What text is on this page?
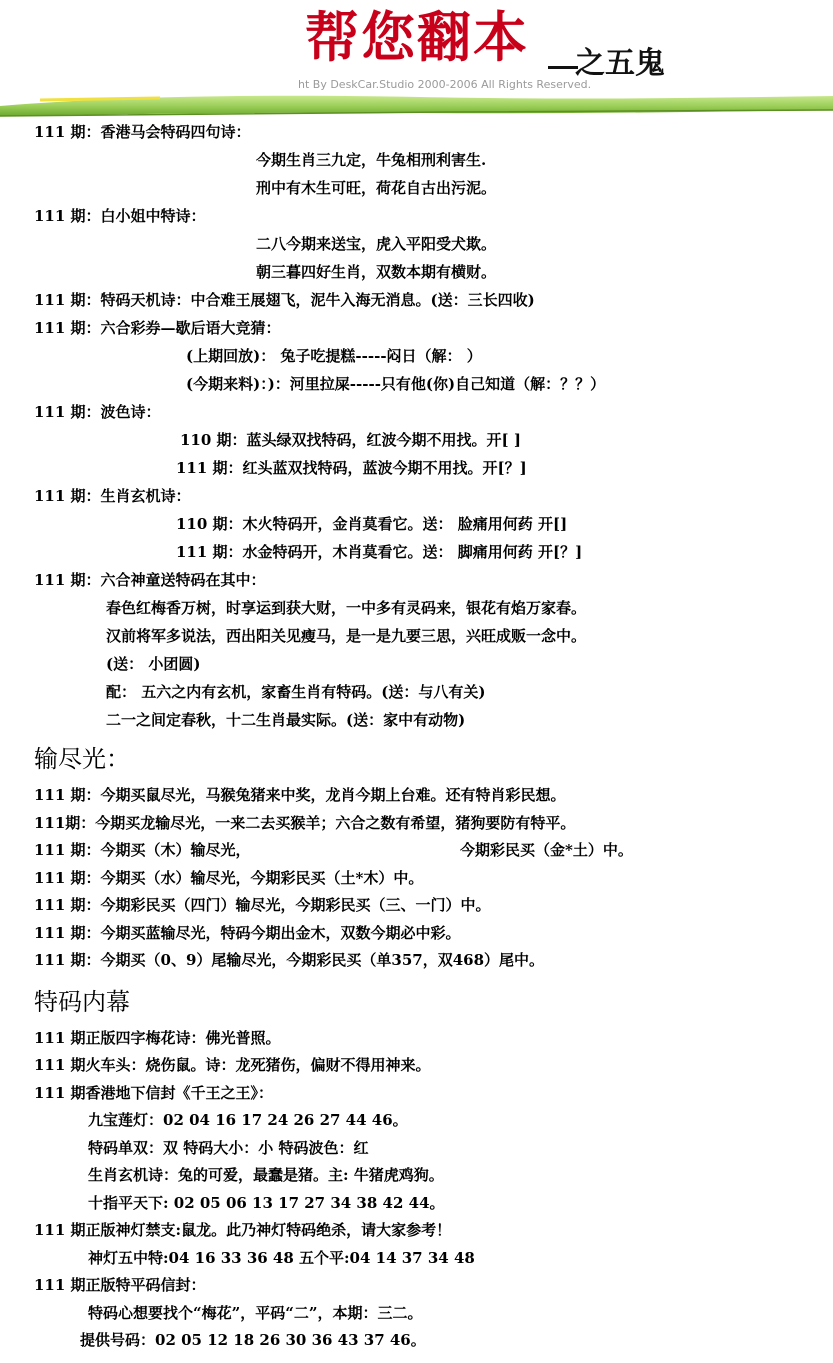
帮您翻本 之五鬼
ht By DeskCar.Studio 2000-2006 All Rights Reserved.
111 期：香港马会特码四句诗：
今期生肖三九定，牛兔相刑利害生.
刑中有木生可旺，荷花自古出污泥。
111 期：白小姐中特诗：
二八今期来送宝，虎入平阳受犬欺。
朝三暮四好生肖，双数本期有横财。
111 期：特码天机诗：中合难王展翅飞，泥牛入海无消息。(送：三长四收)
111 期：六合彩券—歇后语大竞猜：
(上期回放)： 兔子吃提糕-----闷日（解： ）
(今期来料)：)：河里拉屎-----只有他(你)自己知道（解：？？）
111 期：波色诗：
110 期：蓝头绿双找特码，红波今期不用找。开[ ]
111 期：红头蓝双找特码，蓝波今期不用找。开[？]
111 期：生肖玄机诗：
110 期：木火特码开，金肖莫看它。送： 脸痛用何药 开[]
111 期：水金特码开，木肖莫看它。送： 脚痛用何药 开[？]
111 期：六合神童送特码在其中：
春色红梅香万树，时享运到获大财，一中多有灵码来，银花有焰万家春。
汉前将军多说法，西出阳关见瘦马，是一是九要三思，兴旺成贩一念中。
(送： 小团圆)
配： 五六之内有玄机，家畜生肖有特码。(送：与八有关)
二一之间定春秋，十二生肖最实际。(送：家中有动物)
输尽光：
111 期：今期买鼠尽光，马猴兔猪来中奖，龙肖今期上台难。还有特肖彩民想。
111期：今期买龙输尽光，一来二去买猴羊；六合之数有希望，猪狗要防有特平。
111 期：今期买（木）输尽光，	今期彩民买（金*土）中。
111 期：今期买（水）输尽光，今期彩民买（土*木）中。
111 期：今期彩民买（四门）输尽光，今期彩民买（三、一门）中。
111 期：今期买蓝输尽光，特码今期出金木，双数今期必中彩。
111 期：今期买（0、9）尾输尽光，今期彩民买（单357，双468）尾中。
特码内幕
111 期正版四字梅花诗：佛光普照。
111 期火车头：烧伤鼠。诗：龙死猪伤，偏财不得用神来。
111 期香港地下信封《千王之王》：
九宝莲灯：02 04 16 17 24 26 27 44 46。
特码单双：双 特码大小：小 特码波色：红
生肖玄机诗：兔的可爱，最蠢是猪。主: 牛猪虎鸡狗。
十指平天下: 02 05 06 13 17 27 34 38 42 44。
111 期正版神灯禁支:鼠龙。此乃神灯特码绝杀，请大家参考！
神灯五中特:04 16 33 36 48 五个平:04 14 37 34 48
111 期正版特平码信封：
特码心想要找个“梅花”，平码“二”，本期：三二。
提供号码：02 05 12 18 26 30 36 43 37 46。
